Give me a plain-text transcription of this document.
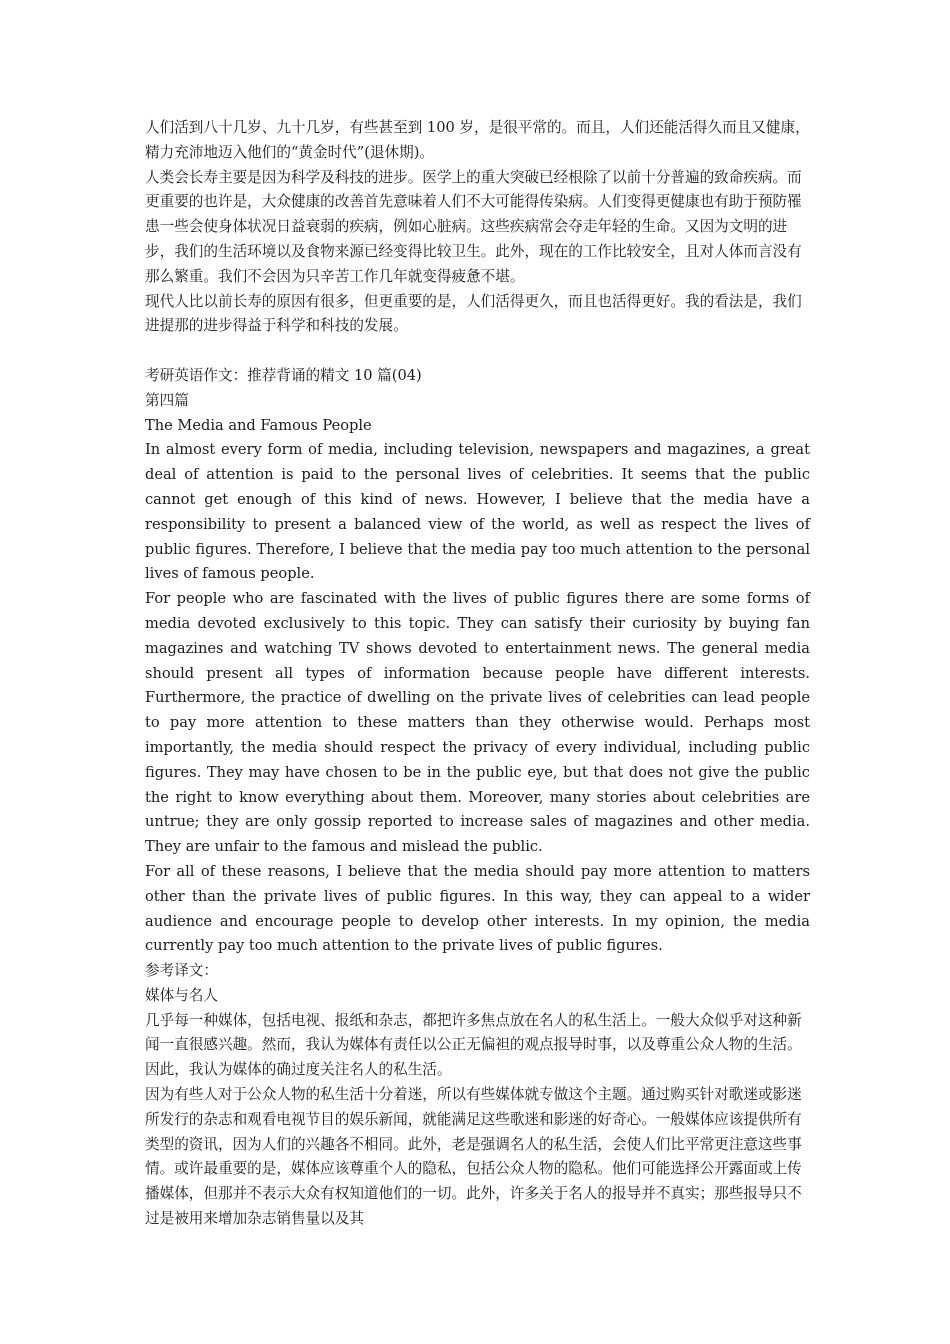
人们活到八十几岁、九十几岁，有些甚至到 100 岁，是很平常的。而且，人们还能活得久而且又健康，精力充沛地迈入他们的“黄金时代”(退休期)。

人类会长寿主要是因为科学及科技的进步。医学上的重大突破已经根除了以前十分普遍的致命疾病。而更重要的也许是，大众健康的改善首先意味着人们不大可能得传染病。人们变得更健康也有助于预防罹患一些会使身体状况日益衰弱的疾病，例如心脏病。这些疾病常会夺走年轻的生命。又因为文明的进步，我们的生活环境以及食物来源已经变得比较卫生。此外，现在的工作比较安全，且对人体而言没有那么繁重。我们不会因为只辛苦工作几年就变得疲惫不堪。

现代人比以前长寿的原因有很多，但更重要的是，人们活得更久，而且也活得更好。我的看法是，我们进提那的进步得益于科学和科技的发展。

考研英语作文：推荐背诵的精文 10 篇(04)

第四篇

The Media and Famous People

In almost every form of media, including television, newspapers and magazines, a great deal of attention is paid to the personal lives of celebrities. It seems that the public cannot get enough of this kind of news. However, I believe that the media have a responsibility to present a balanced view of the world, as well as respect the lives of public figures. Therefore, I believe that the media pay too much attention to the personal lives of famous people.

For people who are fascinated with the lives of public figures there are some forms of media devoted exclusively to this topic. They can satisfy their curiosity by buying fan magazines and watching TV shows devoted to entertainment news. The general media should present all types of information because people have different interests. Furthermore, the practice of dwelling on the private lives of celebrities can lead people to pay more attention to these matters than they otherwise would. Perhaps most importantly, the media should respect the privacy of every individual, including public figures. They may have chosen to be in the public eye, but that does not give the public the right to know everything about them. Moreover, many stories about celebrities are untrue; they are only gossip reported to increase sales of magazines and other media. They are unfair to the famous and mislead the public.

For all of these reasons, I believe that the media should pay more attention to matters other than the private lives of public figures. In this way, they can appeal to a wider audience and encourage people to develop other interests. In my opinion, the media currently pay too much attention to the private lives of public figures.

参考译文：

媒体与名人

几乎每一种媒体，包括电视、报纸和杂志，都把许多焦点放在名人的私生活上。一般大众似乎对这种新闻一直很感兴趣。然而，我认为媒体有责任以公正无偏袒的观点报导时事，以及尊重公众人物的生活。因此，我认为媒体的确过度关注名人的私生活。

因为有些人对于公众人物的私生活十分着迷，所以有些媒体就专做这个主题。通过购买针对歌迷或影迷所发行的杂志和观看电视节目的娱乐新闻，就能满足这些歌迷和影迷的好奇心。一般媒体应该提供所有类型的资讯，因为人们的兴趣各不相同。此外，老是强调名人的私生活，会使人们比平常更注意这些事情。或许最重要的是，媒体应该尊重个人的隐私，包括公众人物的隐私。他们可能选择公开露面或上传播媒体，但那并不表示大众有权知道他们的一切。此外，许多关于名人的报导并不真实；那些报导只不过是被用来增加杂志销售量以及其
